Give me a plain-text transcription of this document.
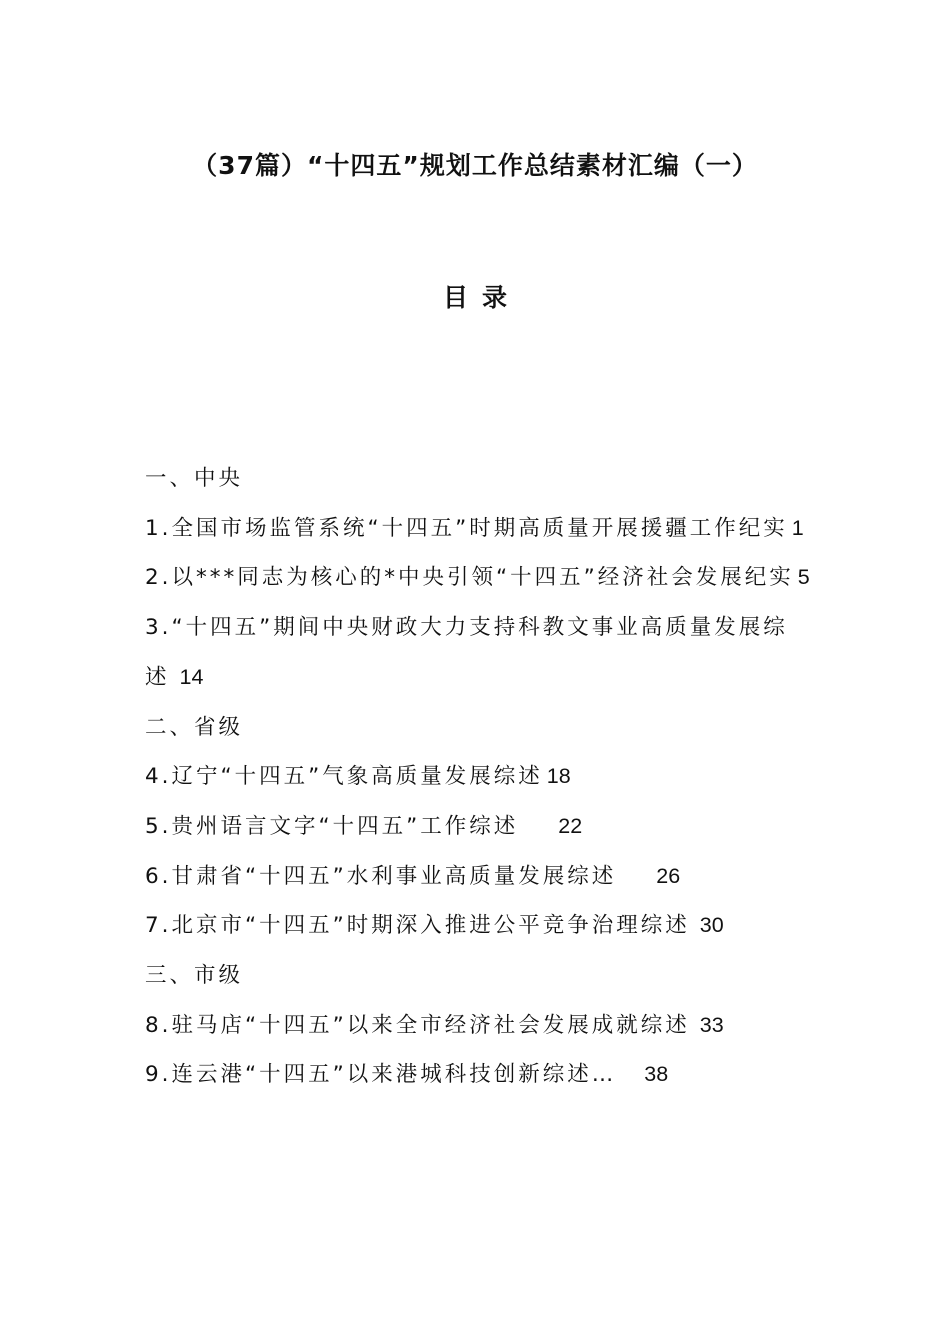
（37篇）“十四五”规划工作总结素材汇编（一）
目录

一、中央

1.全国市场监管系统“十四五”时期高质量开展援疆工作纪实 1

2.以***同志为核心的*中央引领“十四五”经济社会发展纪实 5

3.“十四五”期间中央财政大力支持科教文事业高质量发展综述 14

二、省级

4.辽宁“十四五”气象高质量发展综述 18

5.贵州语言文字“十四五”工作综述 22

6.甘肃省“十四五”水利事业高质量发展综述 26

7.北京市“十四五”时期深入推进公平竞争治理综述 30

三、市级

8.驻马店“十四五”以来全市经济社会发展成就综述 33

9.连云港“十四五”以来港城科技创新综述… 38
